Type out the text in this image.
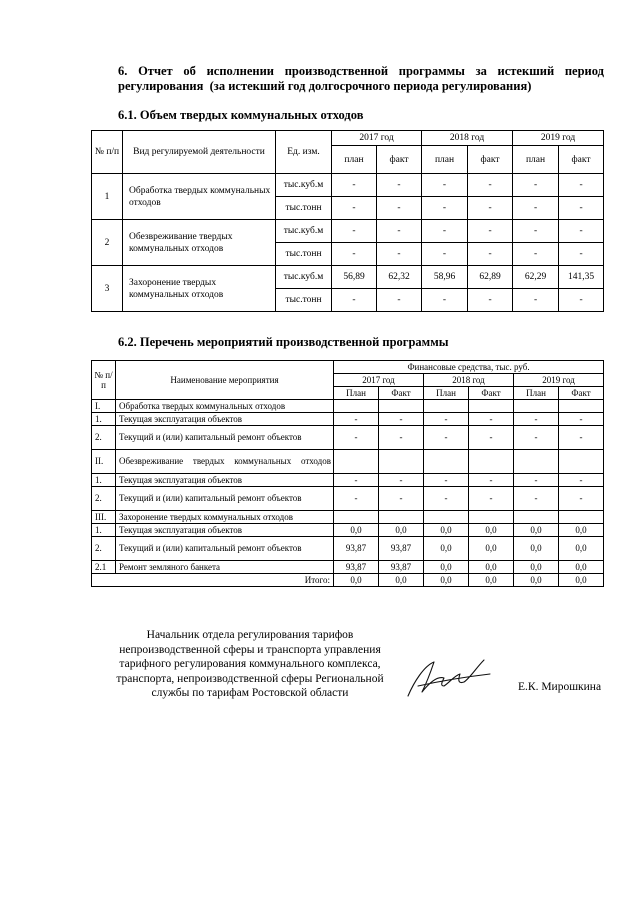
6. Отчет об исполнении производственной программы за истекший период
регулирования  (за истекший год долгосрочного периода регулирования)
6.1. Объем твердых коммунальных отходов
№ п/п	Вид регулируемой деятельности	Ед. изм.	2017 год		2018 год		2019 год	
			план	факт	план	факт	план	факт
1	Обработка твердых коммунальных отходов	тыс.куб.м	-	-	-	-	-	-
		тыс.тонн	-	-	-	-	-	-
2	Обезвреживание твердых коммунальных отходов	тыс.куб.м	-	-	-	-	-	-
		тыс.тонн	-	-	-	-	-	-
3	Захоронение твердых коммунальных отходов	тыс.куб.м	56,89	62,32	58,96	62,89	62,29	141,35
		тыс.тонн	-	-	-	-	-	-
6.2. Перечень мероприятий производственной программы
№ п/п	Наименование мероприятия	Финансовые средства, тыс. руб.					
		2017 год		2018 год		2019 год	
		План	Факт	План	Факт	План	Факт
I.	Обработка твердых коммунальных отходов						
1.	Текущая эксплуатация объектов	-	-	-	-	-	-
2.	Текущий и (или) капитальный ремонт объектов	-	-	-	-	-	-
II.	Обезвреживание твердых коммунальных отходов						
1.	Текущая эксплуатация объектов	-	-	-	-	-	-
2.	Текущий и (или) капитальный ремонт объектов	-	-	-	-	-	-
III.	Захоронение твердых коммунальных отходов						
1.	Текущая эксплуатация объектов	0,0	0,0	0,0	0,0	0,0	0,0
2.	Текущий и (или) капитальный ремонт объектов	93,87	93,87	0,0	0,0	0,0	0,0
2.1	Ремонт земляного банкета	93,87	93,87	0,0	0,0	0,0	0,0
Итого:		0,0	0,0	0,0	0,0	0,0	0,0
Начальник отдела регулирования тарифов
непроизводственной сферы и транспорта управления
тарифного регулирования коммунального комплекса,
транспорта, непроизводственной сферы Региональной
службы по тарифам Ростовской области	Е.К. Мирошкина
